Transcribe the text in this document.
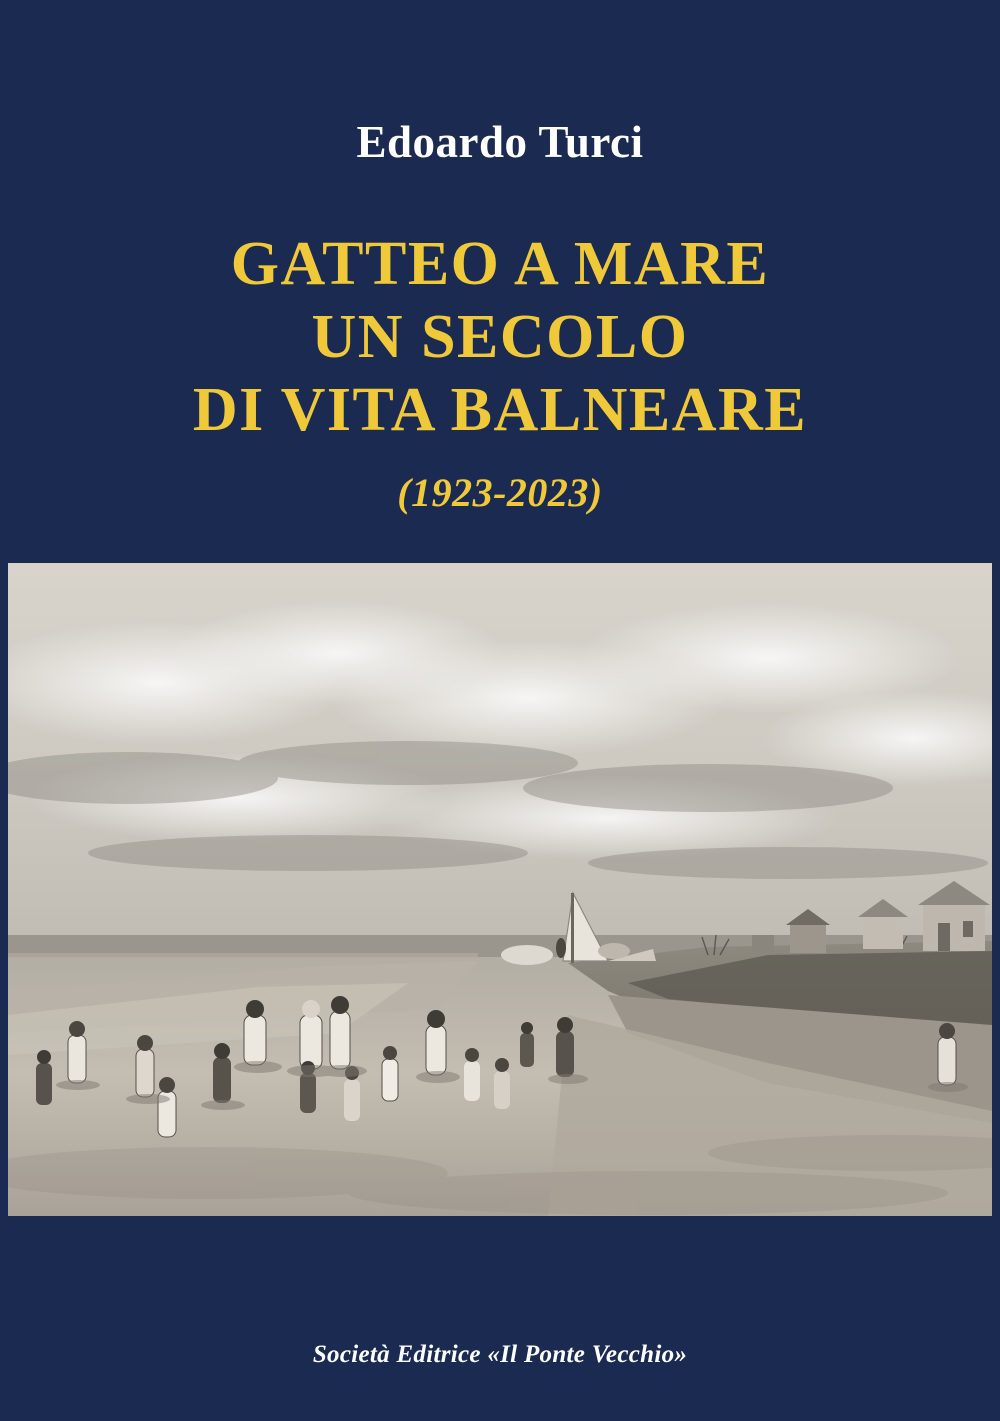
Edoardo Turci
GATTEO A MARE
UN SECOLO
DI VITA BALNEARE
(1923-2023)
Società Editrice «Il Ponte Vecchio»
